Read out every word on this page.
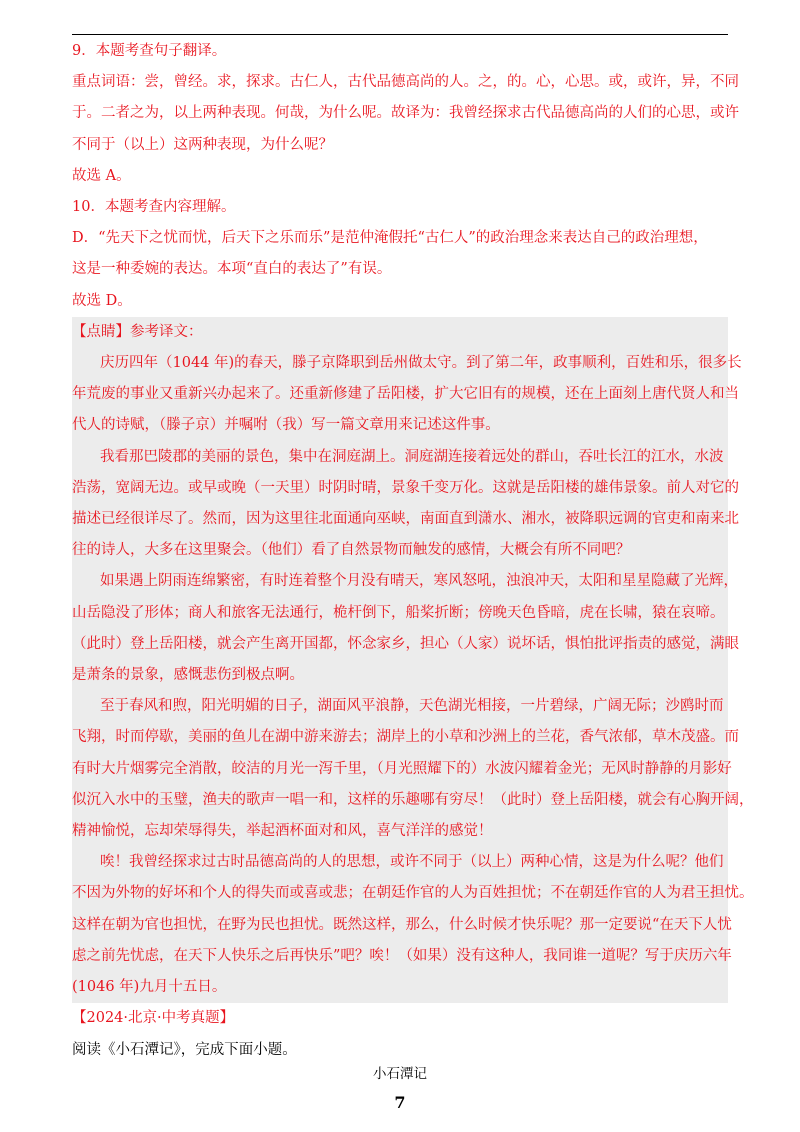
9．本题考查句子翻译。
重点词语：尝，曾经。求，探求。古仁人，古代品德高尚的人。之，的。心，心思。或，或许，异，不同
于。二者之为，以上两种表现。何哉，为什么呢。故译为：我曾经探求古代品德高尚的人们的心思，或许
不同于（以上）这两种表现，为什么呢？
故选 A。
10．本题考查内容理解。
D．“先天下之忧而忧，后天下之乐而乐”是范仲淹假托“古仁人”的政治理念来表达自己的政治理想，
这是一种委婉的表达。本项“直白的表达了”有误。
故选 D。
【点睛】参考译文：
庆历四年（1044 年)的春天，滕子京降职到岳州做太守。到了第二年，政事顺利，百姓和乐，很多长
年荒废的事业又重新兴办起来了。还重新修建了岳阳楼，扩大它旧有的规模，还在上面刻上唐代贤人和当
代人的诗赋，（滕子京）并嘱咐（我）写一篇文章用来记述这件事。
我看那巴陵郡的美丽的景色，集中在洞庭湖上。洞庭湖连接着远处的群山，吞吐长江的江水，水波
浩荡，宽阔无边。或早或晚（一天里）时阴时晴，景象千变万化。这就是岳阳楼的雄伟景象。前人对它的
描述已经很详尽了。然而，因为这里往北面通向巫峡，南面直到潇水、湘水，被降职远调的官吏和南来北
往的诗人，大多在这里聚会。（他们）看了自然景物而触发的感情，大概会有所不同吧？
如果遇上阴雨连绵繁密，有时连着整个月没有晴天，寒风怒吼，浊浪冲天，太阳和星星隐藏了光辉，
山岳隐没了形体；商人和旅客无法通行，桅杆倒下，船桨折断；傍晚天色昏暗，虎在长啸，猿在哀啼。
（此时）登上岳阳楼，就会产生离开国都，怀念家乡，担心（人家）说坏话，惧怕批评指责的感觉，满眼
是萧条的景象，感慨悲伤到极点啊。
至于春风和煦，阳光明媚的日子，湖面风平浪静，天色湖光相接，一片碧绿，广阔无际；沙鸥时而
飞翔，时而停歇，美丽的鱼儿在湖中游来游去；湖岸上的小草和沙洲上的兰花，香气浓郁，草木茂盛。而
有时大片烟雾完全消散，皎洁的月光一泻千里，（月光照耀下的）水波闪耀着金光；无风时静静的月影好
似沉入水中的玉璧，渔夫的歌声一唱一和，这样的乐趣哪有穷尽！（此时）登上岳阳楼，就会有心胸开阔，
精神愉悦，忘却荣辱得失，举起酒杯面对和风，喜气洋洋的感觉！
唉！我曾经探求过古时品德高尚的人的思想，或许不同于（以上）两种心情，这是为什么呢？他们
不因为外物的好坏和个人的得失而或喜或悲；在朝廷作官的人为百姓担忧；不在朝廷作官的人为君王担忧。
这样在朝为官也担忧，在野为民也担忧。既然这样，那么，什么时候才快乐呢？那一定要说“在天下人忧
虑之前先忧虑，在天下人快乐之后再快乐”吧？唉！（如果）没有这种人，我同谁一道呢？写于庆历六年
(1046 年)九月十五日。
【2024·北京·中考真题】
阅读《小石潭记》，完成下面小题。
小石潭记
7
